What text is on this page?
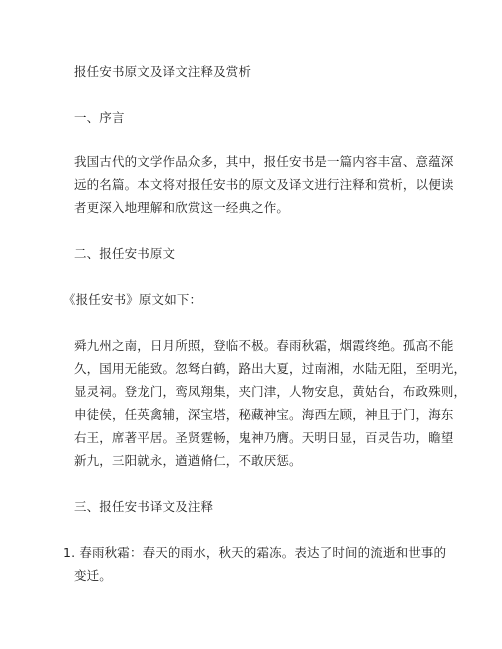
报任安书原文及译文注释及赏析
一、序言
我国古代的文学作品众多，其中，报任安书是一篇内容丰富、意蕴深
远的名篇。本文将对报任安书的原文及译文进行注释和赏析，以便读
者更深入地理解和欣赏这一经典之作。
二、报任安书原文
《报任安书》原文如下：
舜九州之南，日月所照，登临不极。春雨秋霜，烟霞终绝。孤高不能
久，国用无能致。忽驽白鹤，路出大夏，过南湘，水陆无阻，至明光，
显灵祠。登龙门，鸾凤翔集，夹门津，人物安息，黄姑台，布政殊则，
申徒侯，任英禽辅，深宝塔，秘藏神宝。海西左顾，神且于门，海东
右王，席著平居。圣贤霆畅，鬼神乃膺。天明日显，百灵告功，瞻望
新九，三阳就永，遒遒脩仁，不敢厌惩。
三、报任安书译文及注释
1. 春雨秋霜：春天的雨水，秋天的霜冻。表达了时间的流逝和世事的
变迁。
